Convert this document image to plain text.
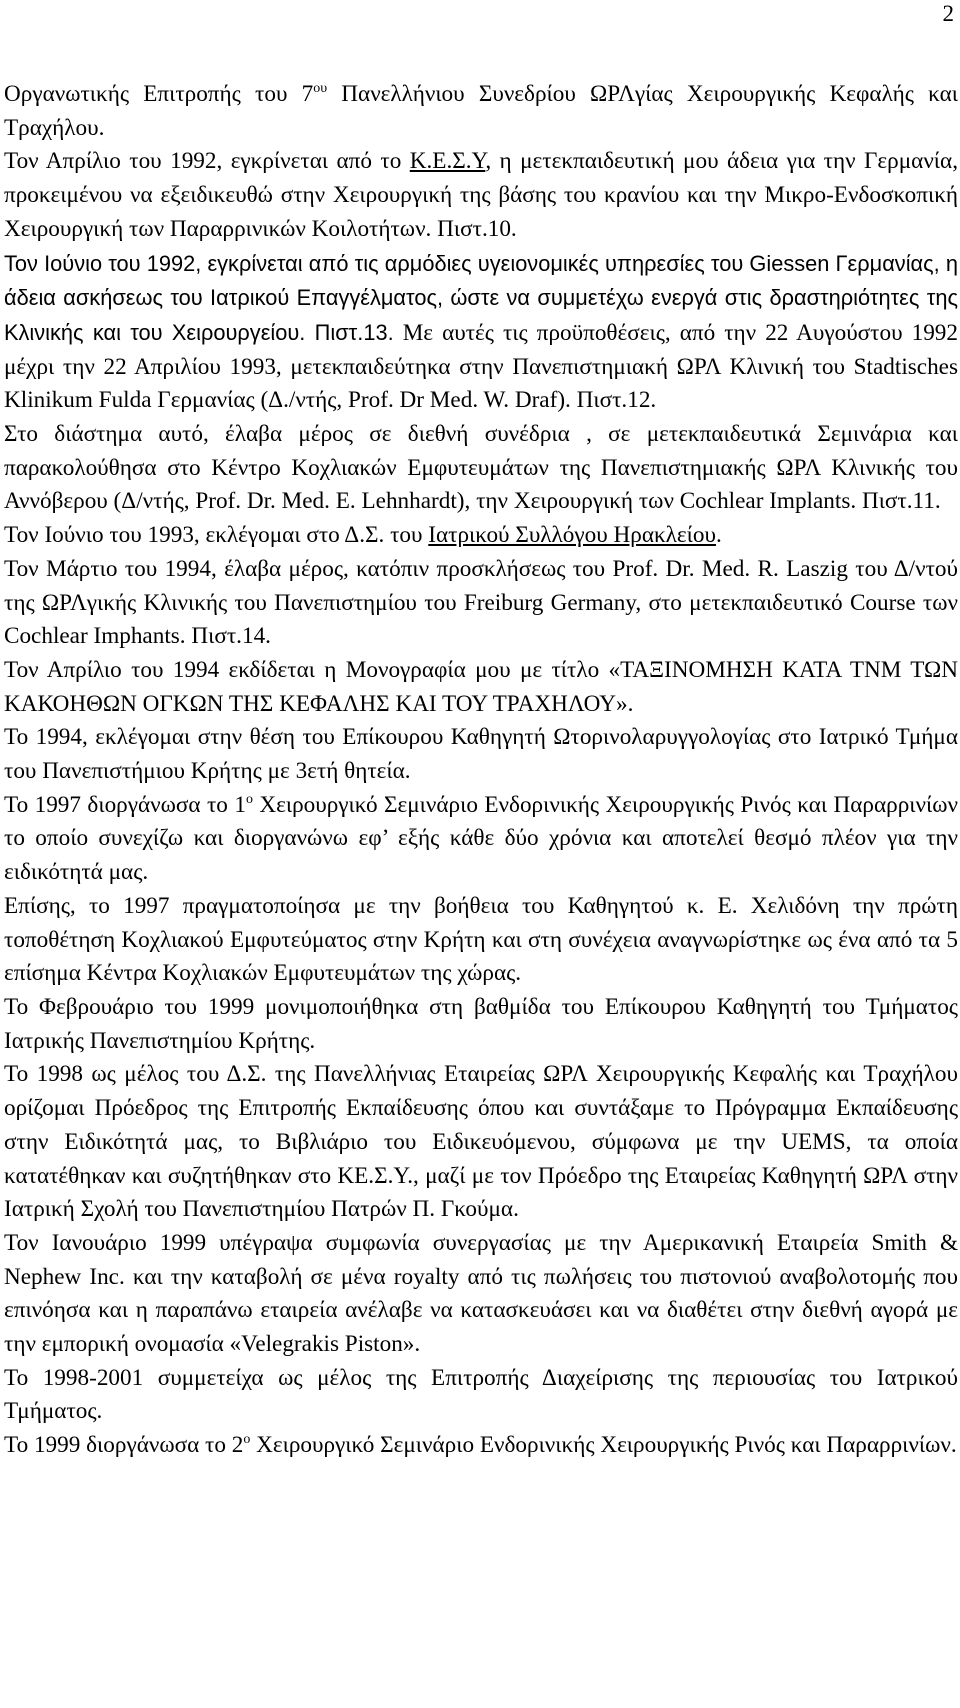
2

Οργανωτικής Επιτροπής του $7^{o\upsilon}$ Πανελλήνιου Συνεδρίου ΩΡΛγίας Χειρουργικής Κεφαλής και Τραχήλου.

Τον Απρίλιο του 1992, εγκρίνεται από το Κ.Ε.Σ.Υ, η μετεκπαιδευτική μου άδεια για την Γερμανία, προκειμένου να εξειδικευθώ στην Χειρουργική της βάσης του κρανίου και την Μικρο-Ενδοσκοπική Χειρουργική των Παραρρινικών Κοιλοτήτων. Πιστ.10.

Τον Ιούνιο του 1992, εγκρίνεται από τις αρμόδιες υγειονομικές υπηρεσίες του Giessen Γερμανίας, η άδεια ασκήσεως του Ιατρικού Επαγγέλματος, ώστε να συμμετέχω ενεργά στις δραστηριότητες της Κλινικής και του Χειρουργείου. Πιστ.13. Με αυτές τις προϋποθέσεις, από την 22 Αυγούστου 1992 μέχρι την 22 Απριλίου 1993, μετεκπαιδεύτηκα στην Πανεπιστημιακή ΩΡΛ Κλινική του Stadtisches Klinikum Fulda Γερμανίας (Δ./ντής, Prof. Dr Med. W. Draf). Πιστ.12.

Στο διάστημα αυτό, έλαβα μέρος σε διεθνή συνέδρια , σε μετεκπαιδευτικά Σεμινάρια και παρακολούθησα στο Κέντρο Κοχλιακών Εμφυτευμάτων της Πανεπιστημιακής ΩΡΛ Κλινικής του Αννόβερου (Δ/ντής, Prof. Dr. Med. E. Lehnhardt), την Χειρουργική των Cochlear Implants. Πιστ.11.

Τον Ιούνιο του 1993, εκλέγομαι στο Δ.Σ. του Ιατρικού Συλλόγου Ηρακλείου.

Τον Μάρτιο του 1994, έλαβα μέρος, κατόπιν προσκλήσεως του Prof. Dr. Med. R. Laszig του Δ/ντού της ΩΡΛγικής Κλινικής του Πανεπιστημίου του Freiburg Germany, στο μετεκπαιδευτικό Course των Cochlear Imphants. Πιστ.14.

Τον Απρίλιο του 1994 εκδίδεται η Μονογραφία μου με τίτλο «ΤΑΞΙΝΟΜΗΣΗ ΚΑΤΑ ΤΝΜ ΤΩΝ ΚΑΚΟΗΘΩΝ ΟΓΚΩΝ ΤΗΣ ΚΕΦΑΛΗΣ ΚΑΙ ΤΟΥ ΤΡΑΧΗΛΟΥ».

Το 1994, εκλέγομαι στην θέση του Επίκουρου Καθηγητή Ωτορινολαρυγγολογίας στο Ιατρικό Τμήμα του Πανεπιστήμιου Κρήτης με 3ετή θητεία.

Το 1997 διοργάνωσα το $1^o$ Χειρουργικό Σεμινάριο Ενδορινικής Χειρουργικής Ρινός και Παραρρινίων το οποίο συνεχίζω και διοργανώνω εφ’ εξής κάθε δύο χρόνια και αποτελεί θεσμό πλέον για την ειδικότητά μας.

Επίσης, το 1997 πραγματοποίησα με την βοήθεια του Καθηγητού κ. Ε. Χελιδόνη την πρώτη τοποθέτηση Κοχλιακού Εμφυτεύματος στην Κρήτη και στη συνέχεια αναγνωρίστηκε ως ένα από τα 5 επίσημα Κέντρα Κοχλιακών Εμφυτευμάτων της χώρας.

Το Φεβρουάριο του 1999 μονιμοποιήθηκα στη βαθμίδα του Επίκουρου Καθηγητή του Τμήματος Ιατρικής Πανεπιστημίου Κρήτης.

Το 1998 ως μέλος του Δ.Σ. της Πανελλήνιας Εταιρείας ΩΡΛ Χειρουργικής Κεφαλής και Τραχήλου ορίζομαι Πρόεδρος της Επιτροπής Εκπαίδευσης όπου και συντάξαμε το Πρόγραμμα Εκπαίδευσης στην Ειδικότητά μας, το Βιβλιάριο του Ειδικευόμενου, σύμφωνα με την UEMS, τα οποία κατατέθηκαν και συζητήθηκαν στο ΚΕ.Σ.Υ., μαζί με τον Πρόεδρο της Εταιρείας Καθηγητή ΩΡΛ στην Ιατρική Σχολή του Πανεπιστημίου Πατρών Π. Γκούμα.

Τον Ιανουάριο 1999 υπέγραψα συμφωνία συνεργασίας με την Αμερικανική Εταιρεία Smith & Nephew Inc. και την καταβολή σε μένα royalty από τις πωλήσεις του πιστονιού αναβολοτομής που επινόησα και η παραπάνω εταιρεία ανέλαβε να κατασκευάσει και να διαθέτει στην διεθνή αγορά με την εμπορική ονομασία «Velegrakis Piston».

Το 1998-2001 συμμετείχα ως μέλος της Επιτροπής Διαχείρισης της περιουσίας του Ιατρικού Τμήματος.

Το 1999 διοργάνωσα το $2^o$ Χειρουργικό Σεμινάριο Ενδορινικής Χειρουργικής Ρινός και Παραρρινίων.
